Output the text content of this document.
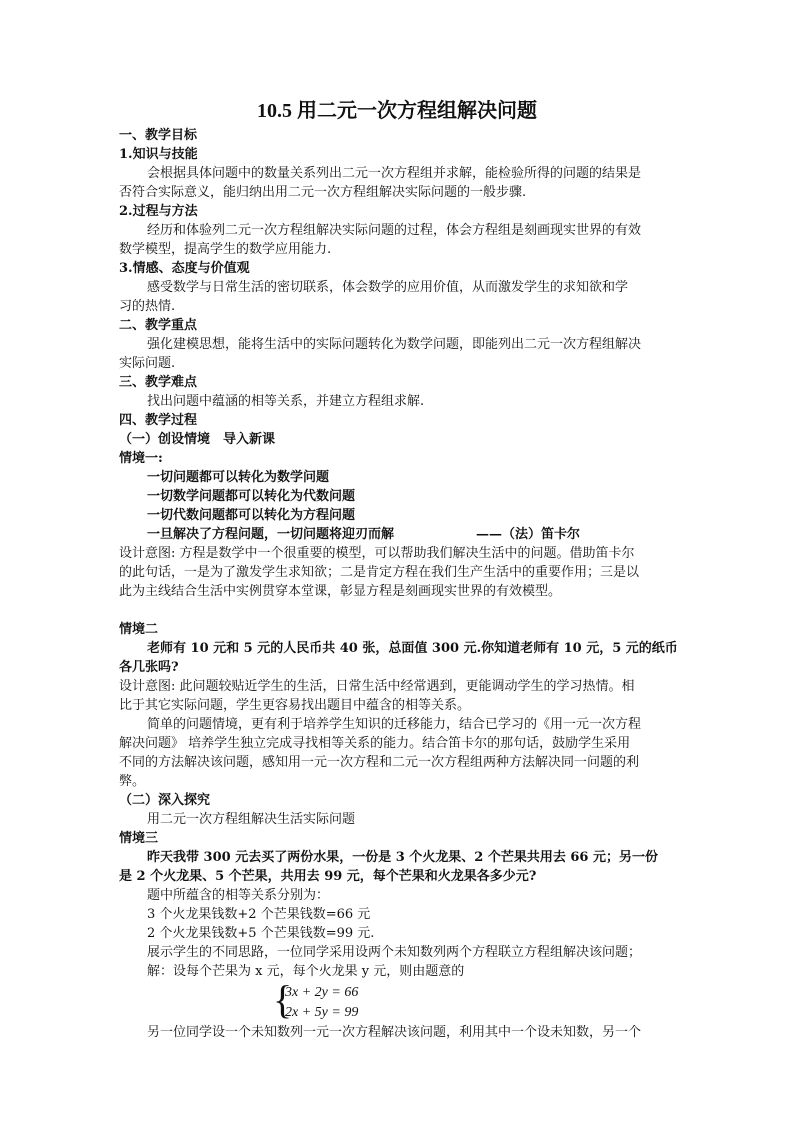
10.5 用二元一次方程组解决问题
一、教学目标
1.知识与技能
会根据具体问题中的数量关系列出二元一次方程组并求解，能检验所得的问题的结果是
否符合实际意义，能归纳出用二元一次方程组解决实际问题的一般步骤.
2.过程与方法
经历和体验列二元一次方程组解决实际问题的过程，体会方程组是刻画现实世界的有效
数学模型，提高学生的数学应用能力.
3.情感、态度与价值观
感受数学与日常生活的密切联系，体会数学的应用价值，从而激发学生的求知欲和学
习的热情.
二、教学重点
强化建模思想，能将生活中的实际问题转化为数学问题，即能列出二元一次方程组解决
实际问题.
三、教学难点
找出问题中蕴涵的相等关系，并建立方程组求解.
四、教学过程
（一）创设情境　导入新课
情境一:
一切问题都可以转化为数学问题
一切数学问题都可以转化为代数问题
一切代数问题都可以转化为方程问题
一旦解决了方程问题，一切问题将迎刃而解	——（法）笛卡尔
设计意图: 方程是数学中一个很重要的模型，可以帮助我们解决生活中的问题。借助笛卡尔
的此句话，一是为了激发学生求知欲；二是肯定方程在我们生产生活中的重要作用；三是以
此为主线结合生活中实例贯穿本堂课，彰显方程是刻画现实世界的有效模型。
情境二
老师有 10 元和 5 元的人民币共 40 张，总面值 300 元.你知道老师有 10 元，5 元的纸币
各几张吗?
设计意图: 此问题较贴近学生的生活，日常生活中经常遇到，更能调动学生的学习热情。相
比于其它实际问题，学生更容易找出题目中蕴含的相等关系。
简单的问题情境，更有利于培养学生知识的迁移能力，结合已学习的《用一元一次方程
解决问题》 培养学生独立完成寻找相等关系的能力。结合笛卡尔的那句话，鼓励学生采用
不同的方法解决该问题，感知用一元一次方程和二元一次方程组两种方法解决同一问题的利
弊。
（二）深入探究
用二元一次方程组解决生活实际问题
情境三
昨天我带 300 元去买了两份水果，一份是 3 个火龙果、2 个芒果共用去 66 元；另一份
是 2 个火龙果、5 个芒果，共用去 99 元，每个芒果和火龙果各多少元?
题中所蕴含的相等关系分别为：
3 个火龙果钱数+2 个芒果钱数=66 元
2 个火龙果钱数+5 个芒果钱数=99 元.
展示学生的不同思路，一位同学采用设两个未知数列两个方程联立方程组解决该问题；
解：设每个芒果为 x 元，每个火龙果 y 元，则由题意的
{
3x + 2y = 66
2x + 5y = 99
另一位同学设一个未知数列一元一次方程解决该问题，利用其中一个设未知数，另一个
